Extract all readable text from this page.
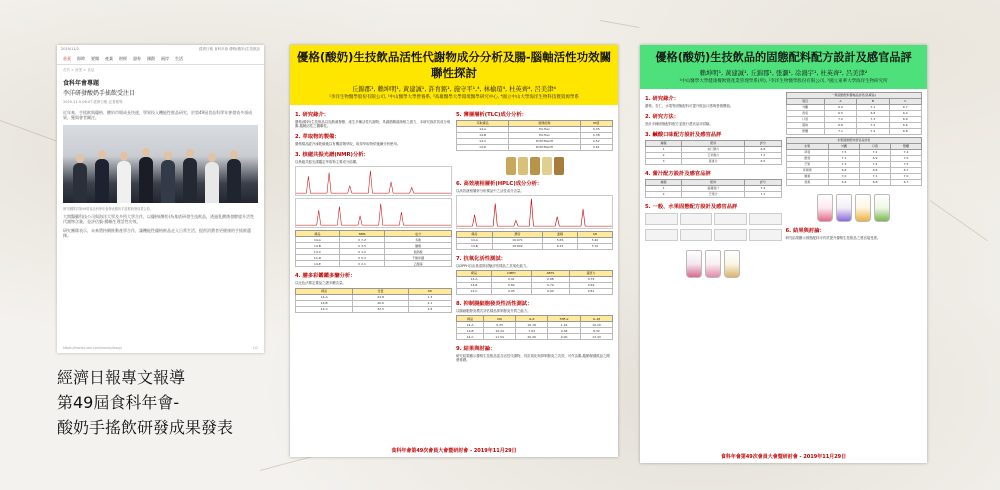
2019/11/2	經濟日報 食科年會 優格(酸奶)生技飲品
首頁 即時 要聞 產業 財經 證券 國際 兩岸 生活
首頁 > 產業 > 食品
食科年會專題
李洋研發酸奶手搖飲受注目
2019-11-9 06:07 經濟日報 記者報導
近年來，手搖飲與優格、酸奶市場成長快速，學界投入機能性飲品研究，於第49屆食品科學年會發表多項成果，獲與會者關注。
研究團隊於第49屆食品科學年會發表酸奶手搖飲研發成果合影。
大開醫藥科技公司與海洋大學及多所大學合作，以優格(酸奶)為基底研發生技飲品，透過乳酸菌發酵提升活性代謝物含量，並評估腦-腸軸生理活性功效。
研究團隊表示，未來將持續推動產學合作，讓機能性優格飲品走入日常生活，提供消費者更健康的手搖飲選擇。
https://money.udn.com/money/story/	1/2
經濟日報專文報導
第49屆食科年會-
酸奶手搖飲研發成果發表
優格(酸奶)生技飲品活性代謝物成分分析及腸-腦軸活性功效關聯性探討
丘錦郡¹, 賴坤明¹, 黃建誠¹, 許育銘¹, 施守平¹,⁴, 林榆瑄⁴, 杜英齊⁴, 呂美津⁴
¹李洋生物醫學股份有限公司, ²中山醫學大學營養系, ³高雄醫學大學環境醫學研究中心, ⁴國立中山大學海洋生物科技暨資源學系
1. 研究緣介：
優格(酸奶)生技飲品以乳酸菌發酵，產生多種活性代謝物，具調節腸道菌相之潛力，本研究探討其成分與腸-腦軸活性之關聯性。
2. 萃取物的製備：
優格樣品經冷凍乾燥後以有機溶劑萃取，取得萃取物供後續分析使用。
3. 核磁共振光譜(NMR)分析：
以核磁共振光譜鑑定萃取物主要成分結構。
樣品	NMR	成分
14-A	δ 7.2	多酚
14-B	δ 3.5	醣類
14-C	δ 1.2	脂肪酸
14-D	δ 5.3	不飽和鍵
14-E	δ 2.1	乙醯基
4. 膳多彩鑑鑑多醣分析：
以比色法測定樣品之總多醣含量。
樣品	含量	SD
14-A	24.8	1.3
14-B	40.6	2.1
14-C	32.5	1.8
5. 薄層層析(TLC)成分分析：
萃取樣品	展開溶劑	Rf值
14-A	EA:Hex	0.45
14-B	EA:Hex	0.38
14-C	DCM:MeOH	0.52
14-D	DCM:MeOH	0.61
6. 高效液相層析(HPLC)成分分析：
以高效液相層析分析樣品中之活性成分含量。
樣品	濃度	面積	SD
14-A	16.971	5.65	3.40
14-B	18.802	6.15	3.70
7. 抗氧化活性測試：
以DPPH自由基清除試驗評估樣品之抗氧化能力。
樣品	DPPH	ABTS	還原力
14-A	0.91	0.88	0.76
14-B	0.82	0.79	0.69
14-C	0.95	0.90	0.81
8. 抑制腸細胞發炎性活性測試：
以腸細胞發炎模式評估樣品抑制發炎介質之能力。
樣品	NO	IL-6	TNF-α	IL-1β
14-A	6.35	16.18	1.16	10.20
14-B	10.24	7.64	4.38	8.32
14-C	11.54	20.26	0.00	13.43
9. 結果與討論：
研究結果顯示優格生技飲品富含活性代謝物，具抗氧化與抑制發炎之功效，可作為腸-腦軸保健飲品之開發基礎。
食科年會第49次會員大會暨研討會 - 2019年11月29日
優格(酸奶)生技飲品的固態配料配方設計及感官品評
賴坤明¹, 黃建誠¹, 丘錦郡¹, 張灝¹, 凃鴻宇¹, 杜英齊², 呂美津²
¹中山醫學大學健康餐飲暨產業管理學系(所), ²李洋生物醫學股份有限公司, ³國立東華大學海洋生物研究所
1. 研究緣介：
優格、杏仁、水果等固態配料可提升飲品口感與營養價值。
2. 研究方法：
設計多種固態配料配方並進行感官品評試驗。
3. 鹹酸口味配方設計及感官品評
編號	配料	評分
1	杏仁酥片	6.8
2	玉米脆片	7.2
3	燕麥片	6.5
4. 蕾汁配方設計及感官品評
編號	配料	評分
1	蔓越莓汁	7.4
2	芒果汁	7.1
5. 一般、水果固態配方設計及感官品評
一般固態配料優格品評表(各樣品)			
項目	A	B	C
外觀	6.9	7.1	6.7
香氣	6.5	6.8	6.4
口感	7.0	7.3	6.9
風味	6.8	7.2	6.6
整體	7.1	7.4	6.8
水果固態配料感官品評表			
水果	外觀	口感	整體
草莓	7.5	7.2	7.4
藍莓	7.1	6.9	7.0
芒果	7.3	7.4	7.5
奇異果	6.8	6.6	6.7
鳳梨	7.0	7.1	7.0
香蕉	6.6	6.8	6.7
6. 結果與討論：
研究結果顯示固態配料可有效提升優格生技飲品之感官接受度。
食科年會第49次會員大會暨研討會 - 2019年11月29日
